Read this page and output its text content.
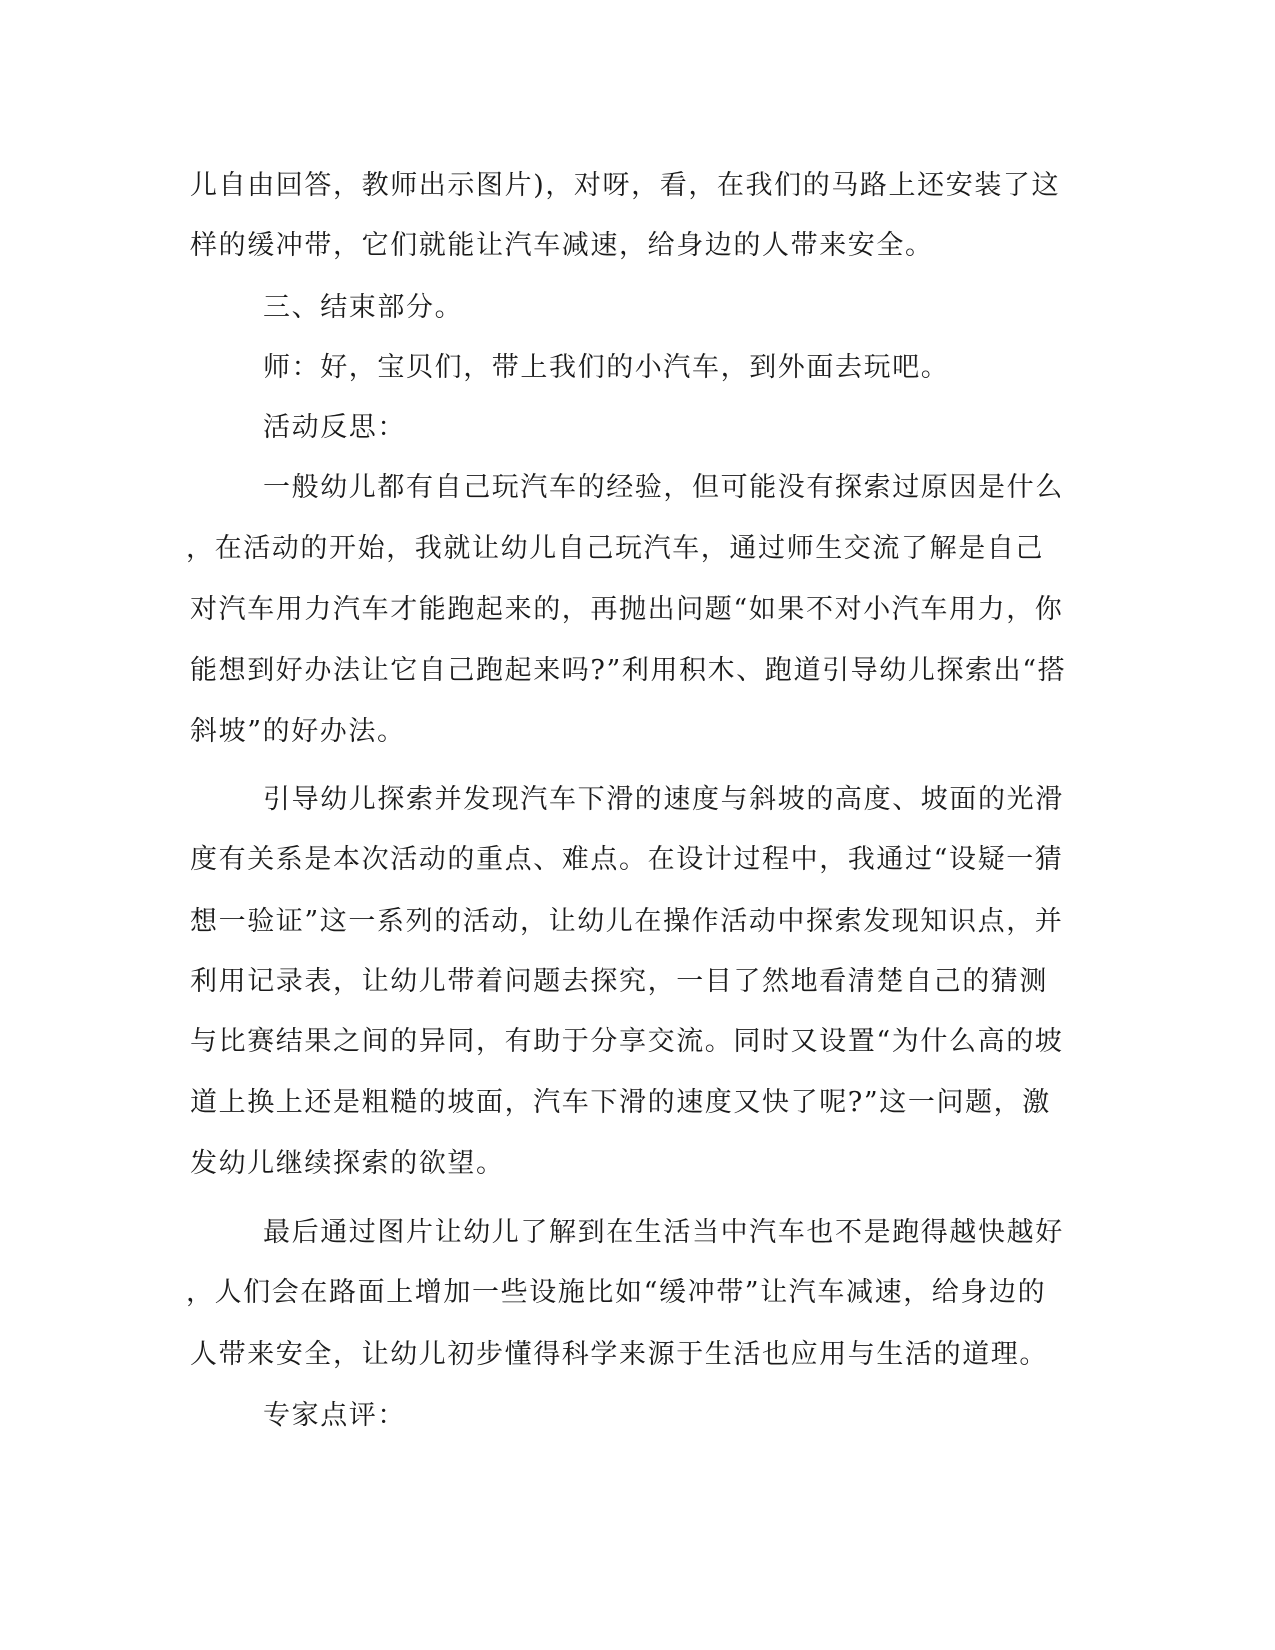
儿自由回答，教师出示图片)，对呀，看，在我们的马路上还安装了这
样的缓冲带，它们就能让汽车减速，给身边的人带来安全。
三、结束部分。
师：好，宝贝们，带上我们的小汽车，到外面去玩吧。
活动反思：
一般幼儿都有自己玩汽车的经验，但可能没有探索过原因是什么
，在活动的开始，我就让幼儿自己玩汽车，通过师生交流了解是自己
对汽车用力汽车才能跑起来的，再抛出问题“如果不对小汽车用力，你
能想到好办法让它自己跑起来吗?”利用积木、跑道引导幼儿探索出“搭
斜坡”的好办法。
引导幼儿探索并发现汽车下滑的速度与斜坡的高度、坡面的光滑
度有关系是本次活动的重点、难点。在设计过程中，我通过“设疑一猜
想一验证”这一系列的活动，让幼儿在操作活动中探索发现知识点，并
利用记录表，让幼儿带着问题去探究，一目了然地看清楚自己的猜测
与比赛结果之间的异同，有助于分享交流。同时又设置“为什么高的坡
道上换上还是粗糙的坡面，汽车下滑的速度又快了呢?”这一问题，激
发幼儿继续探索的欲望。
最后通过图片让幼儿了解到在生活当中汽车也不是跑得越快越好
，人们会在路面上增加一些设施比如“缓冲带”让汽车减速，给身边的
人带来安全，让幼儿初步懂得科学来源于生活也应用与生活的道理。
专家点评：
